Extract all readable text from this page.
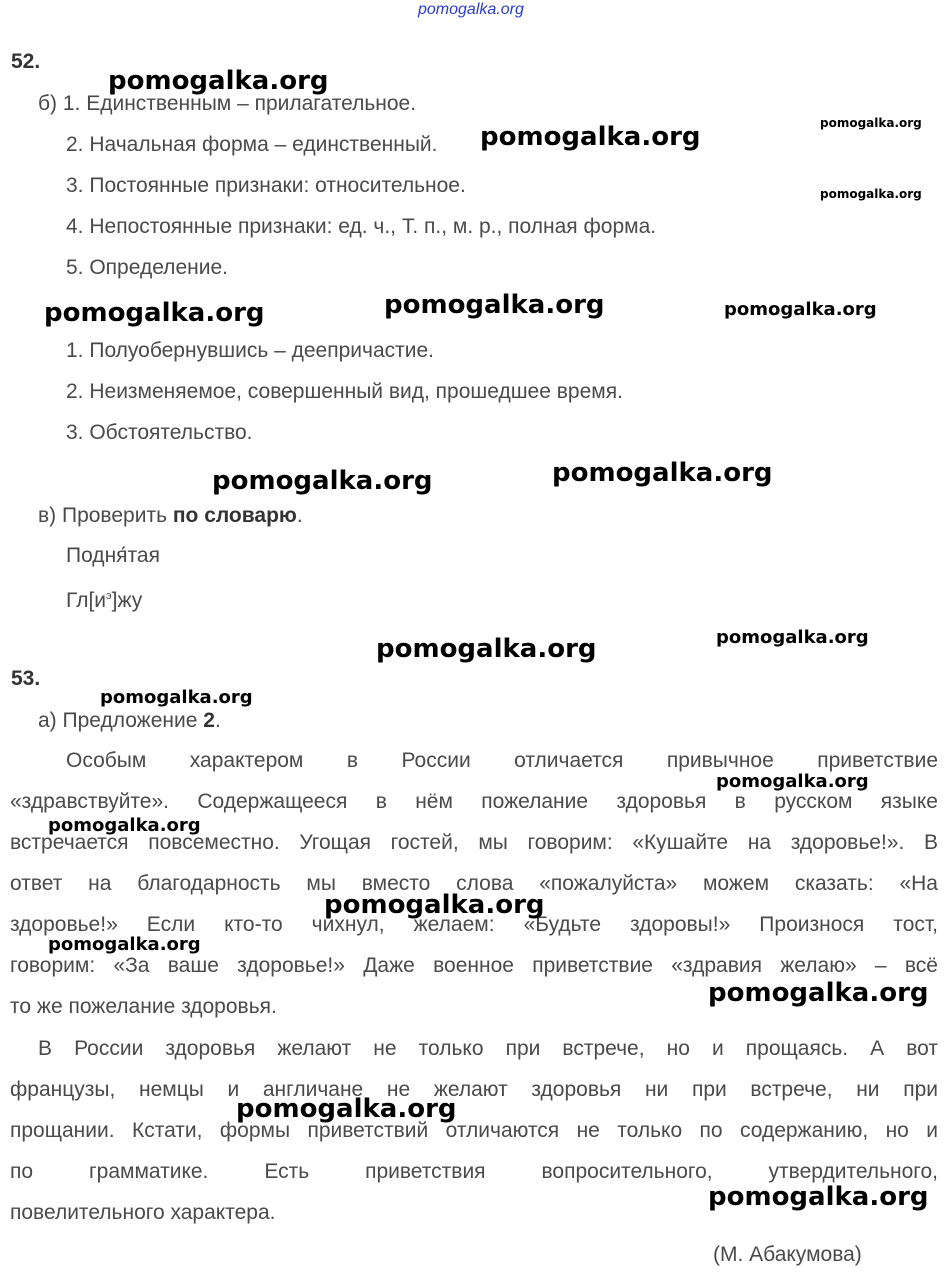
pomogalka.org
52.
б) 1. Единственным – прилагательное.
2. Начальная форма – единственный.
3. Постоянные признаки: относительное.
4. Непостоянные признаки: ед. ч., Т. п., м. р., полная форма.
5. Определение.
1. Полуобернувшись – деепричастие.
2. Неизменяемое, совершенный вид, прошедшее время.
3. Обстоятельство.
в) Проверить по словарю.
Подня́тая
$Гл[и^э]жу$
53.
а) Предложение 2.
Особым характером в России отличается привычное приветствие
«здравствуйте». Содержащееся в нём пожелание здоровья в русском языке
встречается повсеместно. Угощая гостей, мы говорим: «Кушайте на здоровье!». В
ответ на благодарность мы вместо слова «пожалуйста» можем сказать: «На
здоровье!» Если кто-то чихнул, желаем: «Будьте здоровы!» Произнося тост,
говорим: «За ваше здоровье!» Даже военное приветствие «здравия желаю» – всё
то же пожелание здоровья.
В России здоровья желают не только при встрече, но и прощаясь. А вот
французы, немцы и англичане не желают здоровья ни при встрече, ни при
прощании. Кстати, формы приветствий отличаются не только по содержанию, но и
по грамматике. Есть приветствия вопросительного, утвердительного,
повелительного характера.
(М. Абакумова)
pomogalka.org
pomogalka.org	pomogalka.org
pomogalka.org
pomogalka.org	pomogalka.org	pomogalka.org
pomogalka.org	pomogalka.org
pomogalka.org
pomogalka.org
pomogalka.org
pomogalka.org
pomogalka.org
pomogalka.org
pomogalka.org
pomogalka.org
pomogalka.org
pomogalka.org
